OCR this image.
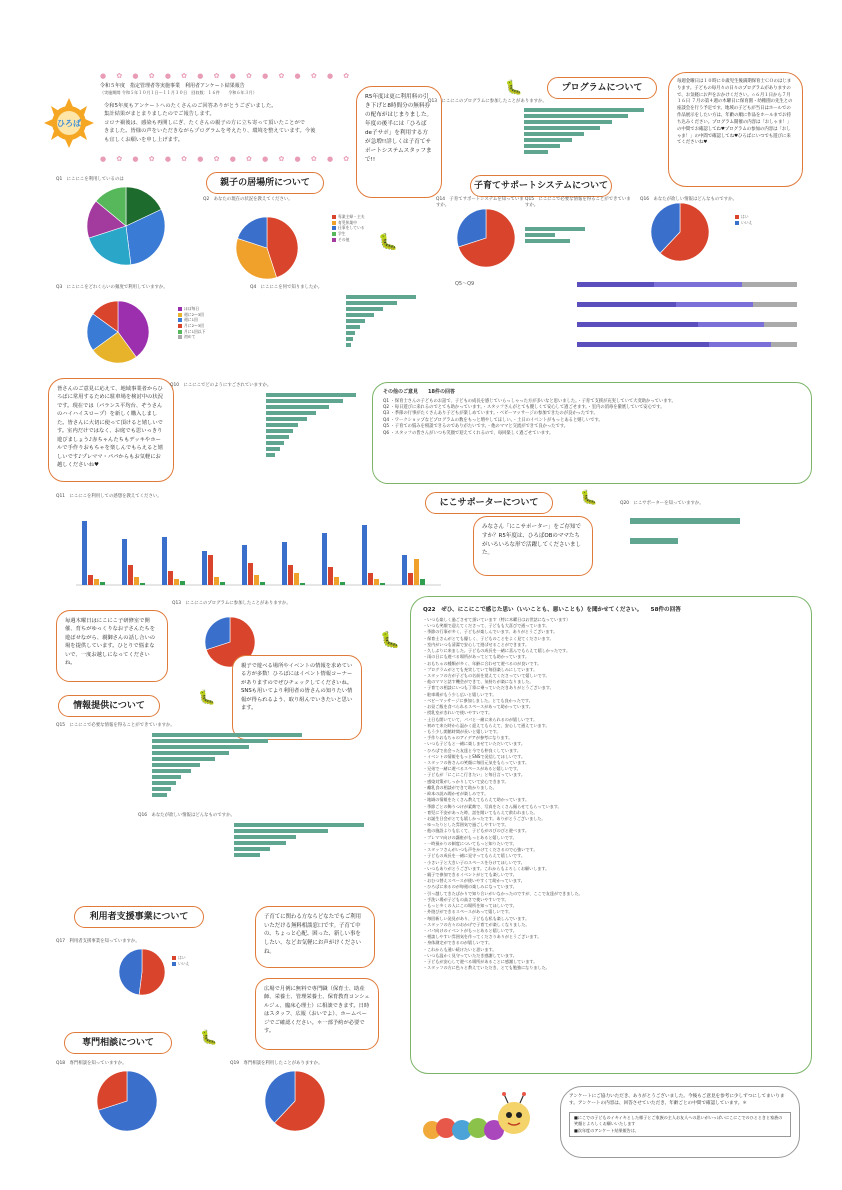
● ✿ ● ✿ ● ✿ ● ✿ ● ✿ ● ✿ ● ✿ ● ✿
令和５年度　指定管理者等実施事業　利用者アンケート結果報告
（実施期間 令和５年１０月１日〜１１月３０日　回収数：１６件　　令和６年３月）
ひろば
令和5年度もアンケートへのたくさんのご回答ありがとうございました。
集計結果がまとまりましたのでご報告します。
コロナ禍後は、感染も再開しにぎ、たくさんの親子の方に立ち寄って頂いたことがで
きました。皆様の声をいただきながらプログラムを考えたり、環境を整えています。今後
も宜しくお願いを申し上げます。
● ✿ ● ✿ ● ✿ ● ✿ ● ✿ ● ✿ ● ✿ ● ✿
R5年度は更に利用料の引き下げと8時間分の無料券の配布がはじまりました。年度の後半には「ひろばde子サポ」を利用する方が急増!!詳しくは子育てサポートシステムスタッフまで!!
プログラムについて
🐛	毎週金曜日は１０時に０歳児生後満期保育士ＣＯのはじまります。子どもの毎月々の日々のプログラムがありますので、お気軽にお声をおかけください。☆６月１日から７月１６日 ７月の第４週の木曜日に保育園・幼稚園の先生との座談会を行う予定です。地域の子どもが当日はホールでの作品展示をしたい方は、年齢の順に作品をホールまでお持ち込みください。プログラム開催の内容は「おしゃま！」の中間でお確認してね♥プログラムの参加の内容は「おしゃま！」の中間で確認してね♥ひろばにいつでも遊びに来てくださいね♥
Q13　にこにこのプログラムに参加したことがありますか。
子育てサポートシステムについて
Q14　子育てサポートシステムを知っていますか。
Q15　にこにこで必要な情報を得ることができていますか。
Q16　あなたが欲しい情報はどんなものですか。
はい
いいえ
Q1　にこにこを利用しているのは	親子の居場所について
Q2　あなたの現在の状況を教えてください。
専業主婦・主夫
育児休業中
仕事をしている
学生
その他	🐛
Q3　にこにこをどれくらいの頻度で利用していますか。
ほぼ毎日
週に2〜3回
週に1回
月に2〜3回
月に1回以下
初めて
Q4　にこにこを何で知りましたか。
Q5〜Q9
皆さんのご意見に応えて、地域事業者からひろばに常用するために駐車場を検討中の状況です。現在では（バランス平均台、ぞうさんのハイハイスロープ）を新しく購入しました。皆さんに大切に使って頂けると嬉しいです。室内だけではなく、お庭でも思いっきり遊びましょう♪赤ちゃんたちもデッキやホールで手作りおもちゃを楽しんでもらえると嬉しいです♪プレママ・パパからもお気軽にお越しくださいね♥
Q10　にこにこでどのようにすごされていますか。
その他のご意見　　18件の回答
Q1 ・保育士さんの子どものお話で、子どもの成長を感じていらっしゃった方が多いなと思いました。・子育て支援が充実していて大変助かっています。
Q2 ・毎日遊びに来れるのでとても助かっています。・スタッフさんがとても優しくて安心して過ごせます。・室内の消毒を徹底していて安心です。
Q3 ・季節の行事がたくさんあり子どもが楽しめています。・ベビーマッサージの参加できたのが良かったです。
Q4 ・ワークショップなどプログラムの数をもっと増やしてほしい。・土日のイベントがもっとあると嬉しいです。
Q5 ・子育ての悩みを相談できるのでありがたいです。・他のママと交流ができて良かったです。
Q6 ・スタッフの皆さんがいつも笑顔で迎えてくれるので、毎回楽しく過ごせています。
にこサポーターについて	🐛
みなさん「にこサポーター」をご存知ですか？R5年度は、ひろばOBのママたちがいろいろな形で活躍してくださいました。
Q20　にこサポーターを知っていますか。
Q11　にこにこを利用しての感想を教えてください。
毎週木曜日はにこにこ子研修室で開催、育ちがゆっくりなお子さんたちを遊ばせながら、親御さんの話し合いの場を提供しています。ひとりで悩まないで、一度お越しになってくださいね。
Q13　にこにこのプログラムに参加したことがありますか。
🐛
親子で遊べる場所やイベントの情報を求めている方が多数！ひろばにはイベント情報コーナーがありますのでぜひチェックしてくださいね。SNSも用いてより利用者の皆さんの知りたい情報が得られるよう、取り組んでいきたいと思います。
情報提供について	🐛
Q15　にこにこで必要な情報を得ることができていますか。
Q16　あなたが欲しい情報はどんなものですか。
利用者支援事業について	子育てに関わる方ならどなたでもご利用いただける無料相談窓口です。子育て中の、ちょっと心配、困った、新しい事をしたい、などお気軽にお声がけくださいね。
Q17　利用者支援事業を知っていますか。
はい
いいえ
広場で月例に無料で専門職（保育士、助産師、栄養士、管理栄養士、保育教育コンシェルジュ、臨床心理士）に相談できます。日時はスタッフ、広報（おいでよ）、ホームページでご確認ください。＊一部予約が必要です。
専門相談について	🐛
Q18　専門相談を知っていますか。	Q19　専門相談を利用したことがありますか。
Q22　ぜひ、にこにこで感じた思い（いいことも、悪いことも）を聞かせてください。　　58件の回答
・いつも楽しく過ごさせて頂いています（特に木曜日はお世話になっています）
・いつも笑顔で迎えてくださって、子どもも大喜びで通っています。
・季節の行事が多く、子どもが楽しんでいます。ありがとうございます。
・保育士さんがとても優しく、子どものことをよく見てくださいます。
・室内がいつも清潔で安心して遊ばせることができます。
・久しぶりに来ました。子どもの成長を一緒に喜んでもらえて嬉しかったです。
・雨の日にも遊べる場所があってとても助かっています。
・おもちゃの種類が多く、年齢に合わせて遊べるのが良いです。
・プログラムがとても充実していて毎回楽しみにしています。
・スタッフの方が子どもの名前を覚えてくださっていて嬉しいです。
・他のママと話す機会ができて、気持ちが楽になりました。
・子育ての相談にいつも丁寧に乗っていただきありがとうございます。
・駐車場がもう少し広いと嬉しいです。
・ベビーマッサージに参加しました。とても良かったです。
・お昼ご飯を食べられるスペースがあって助かっています。
・授乳室がきれいで使いやすいです。
・土日も開いていて、パパと一緒に来られるのが嬉しいです。
・初めて来た時から温かく迎えてもらえて、安心して通えています。
・もう少し開館時間が長いと嬉しいです。
・手作りおもちゃのアイデアが参考になります。
・いつも子どもと一緒に楽しませていただいています。
・ひろばで出会った友達と今でも仲良くしています。
・イベントの情報をもっとSNSで発信してほしいです。
・スタッフの皆さんの笑顔に毎回元気をもらっています。
・兄弟で一緒に遊べるスペースがあると嬉しいです。
・子どもが「にこにこ行きたい」と毎日言っています。
・感染対策がしっかりしていて安心できます。
・離乳食の相談ができて助かりました。
・絵本の読み聞かせが楽しみです。
・地域の情報をたくさん教えてもらえて助かっています。
・季節ごとの飾りつけが素敵で、写真をたくさん撮らせてもらっています。
・育児に不安があった時、話を聞いてもらえて救われました。
・お誕生日会がとても嬉しかったです。ありがとうございました。
・ゆったりとした雰囲気で過ごしやすいです。
・他の施設よりも広くて、子どもがのびのびと遊べます。
・プレママ向けの講座がもっとあると嬉しいです。
・一時預かりの制度についてもっと知りたいです。
・スタッフさんがいつも声をかけてくださるので心強いです。
・子どもの成長を一緒に見守ってもらえて嬉しいです。
・小さい子と大きい子のスペースを分けてほしいです。
・いつもありがとうございます。これからもよろしくお願いします。
・親子で参加できるイベントがとても楽しいです。
・おむつ替えスペースが使いやすくて助かっています。
・ひろばに来るのが毎週の楽しみになっています。
・引っ越してきたばかりで知り合いがいなかったのですが、ここで友達ができました。
・手洗い場が子どもの高さで使いやすいです。
・もっと多くの人にこの場所を知ってほしいです。
・外遊びができるスペースがあって嬉しいです。
・毎回新しい発見があり、子どもも私も楽しんでいます。
・スタッフの方々のおかげで子育てが楽しくなりました。
・パパ向けのイベントがもっとあると嬉しいです。
・相談しやすい雰囲気を作ってくださりありがとうございます。
・身体測定ができるのが嬉しいです。
・これからも通い続けたいと思います。
・いつも温かく見守っていただき感謝しています。
・子どもが安心して遊べる場所があることに感謝しています。
・スタッフの方に色々と教えていただき、とても勉強になりました。
アンケートにご協力いただき、ありがとうございました。今後もご意見を参考に少しずつにしてまいります。アンケートの内容は、回答させていただき、年齢ごとの中間で確認しています。＊
■にこでの子どものイキイキとした様子とご家族の主人お友人への思いがいっぱいにこにこでのひとときと家族の笑顔とよろしくお願いいたします
■次年度のアンケート結果報告は、
